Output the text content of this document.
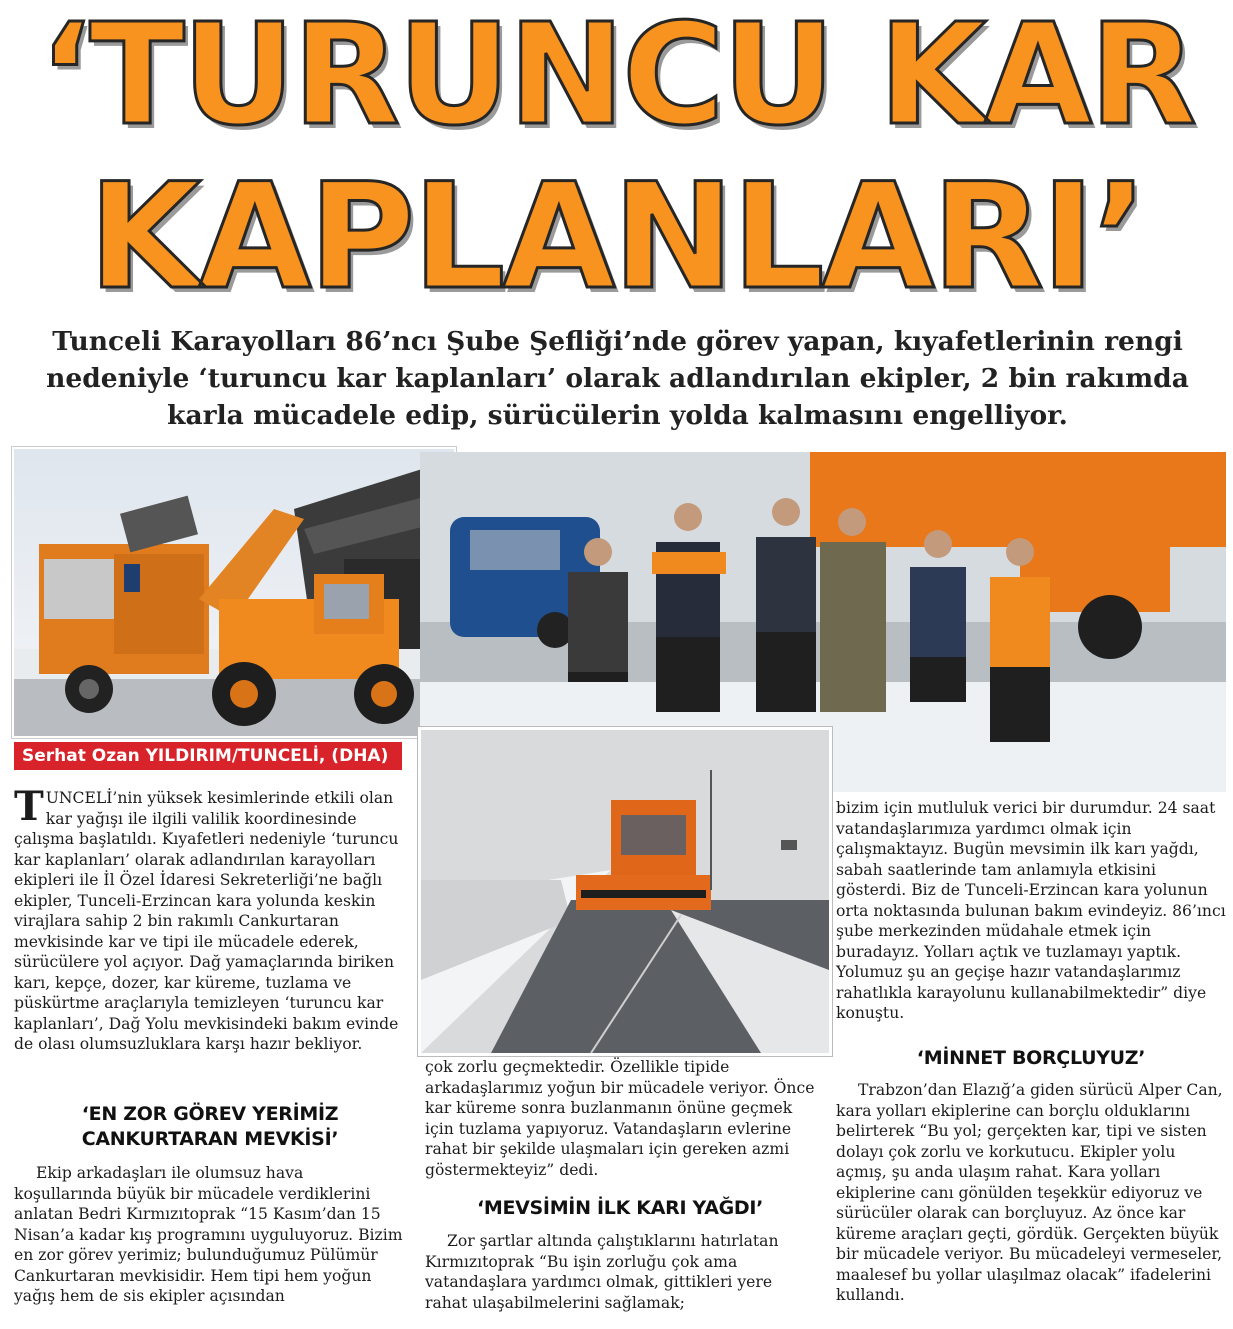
‘TURUNCU KAR
KAPLANLARI’
Tunceli Karayolları 86’ncı Şube Şefliği’nde görev yapan, kıyafetlerinin rengi nedeniyle ‘turuncu kar kaplanları’ olarak adlandırılan ekipler, 2 bin rakımda karla mücadele edip, sürücülerin yolda kalmasını engelliyor.
Serhat Ozan YILDIRIM/TUNCELİ, (DHA)

TUNCELİ’nin yüksek kesimlerinde etkili olan kar yağışı ile ilgili valilik koordinesinde çalışma başlatıldı. Kıyafetleri nedeniyle ‘turuncu kar kaplanları’ olarak adlandırılan karayolları ekipleri ile İl Özel İdaresi Sekreterliği’ne bağlı ekipler, Tunceli-Erzincan kara yolunda keskin virajlara sahip 2 bin rakımlı Cankurtaran mevkisinde kar ve tipi ile mücadele ederek, sürücülere yol açıyor. Dağ yamaçlarında biriken karı, kepçe, dozer, kar küreme, tuzlama ve püskürtme araçlarıyla temizleyen ‘turuncu kar kaplanları’, Dağ Yolu mevkisindeki bakım evinde de olası olumsuzluklara karşı hazır bekliyor.

‘EN ZOR GÖREV YERİMİZ CANKURTARAN MEVKİSİ’
Ekip arkadaşları ile olumsuz hava koşullarında büyük bir mücadele verdiklerini anlatan Bedri Kırmızıtoprak “15 Kasım’dan 15 Nisan’a kadar kış programını uyguluyoruz. Bizim en zor görev yerimiz; bulunduğumuz Pülümür Cankurtaran mevkisidir. Hem tipi hem yoğun yağış hem de sis ekipler açısından
çok zorlu geçmektedir. Özellikle tipide arkadaşlarımız yoğun bir mücadele veriyor. Önce kar küreme sonra buzlanmanın önüne geçmek için tuzlama yapıyoruz. Vatandaşların evlerine rahat bir şekilde ulaşmaları için gereken azmi göstermekteyiz” dedi.
‘MEVSİMİN İLK KARI YAĞDI’
Zor şartlar altında çalıştıklarını hatırlatan Kırmızıtoprak “Bu işin zorluğu çok ama vatandaşlara yardımcı olmak, gittikleri yere rahat ulaşabilmelerini sağlamak;
bizim için mutluluk verici bir durumdur. 24 saat vatandaşlarımıza yardımcı olmak için çalışmaktayız. Bugün mevsimin ilk karı yağdı, sabah saatlerinde tam anlamıyla etkisini gösterdi. Biz de Tunceli-Erzincan kara yolunun orta noktasında bulunan bakım evindeyiz. 86’ıncı şube merkezinden müdahale etmek için buradayız. Yolları açtık ve tuzlamayı yaptık. Yolumuz şu an geçişe hazır vatandaşlarımız rahatlıkla karayolunu kullanabilmektedir” diye konuştu.
‘MİNNET BORÇLUYUZ’
Trabzon’dan Elazığ’a giden sürücü Alper Can, kara yolları ekiplerine can borçlu olduklarını belirterek “Bu yol; gerçekten kar, tipi ve sisten dolayı çok zorlu ve korkutucu. Ekipler yolu açmış, şu anda ulaşım rahat. Kara yolları ekiplerine canı gönülden teşekkür ediyoruz ve sürücüler olarak can borçluyuz. Az önce kar küreme araçları geçti, gördük. Gerçekten büyük bir mücadele veriyor. Bu mücadeleyi vermeseler, maalesef bu yollar ulaşılmaz olacak” ifadelerini kullandı.
